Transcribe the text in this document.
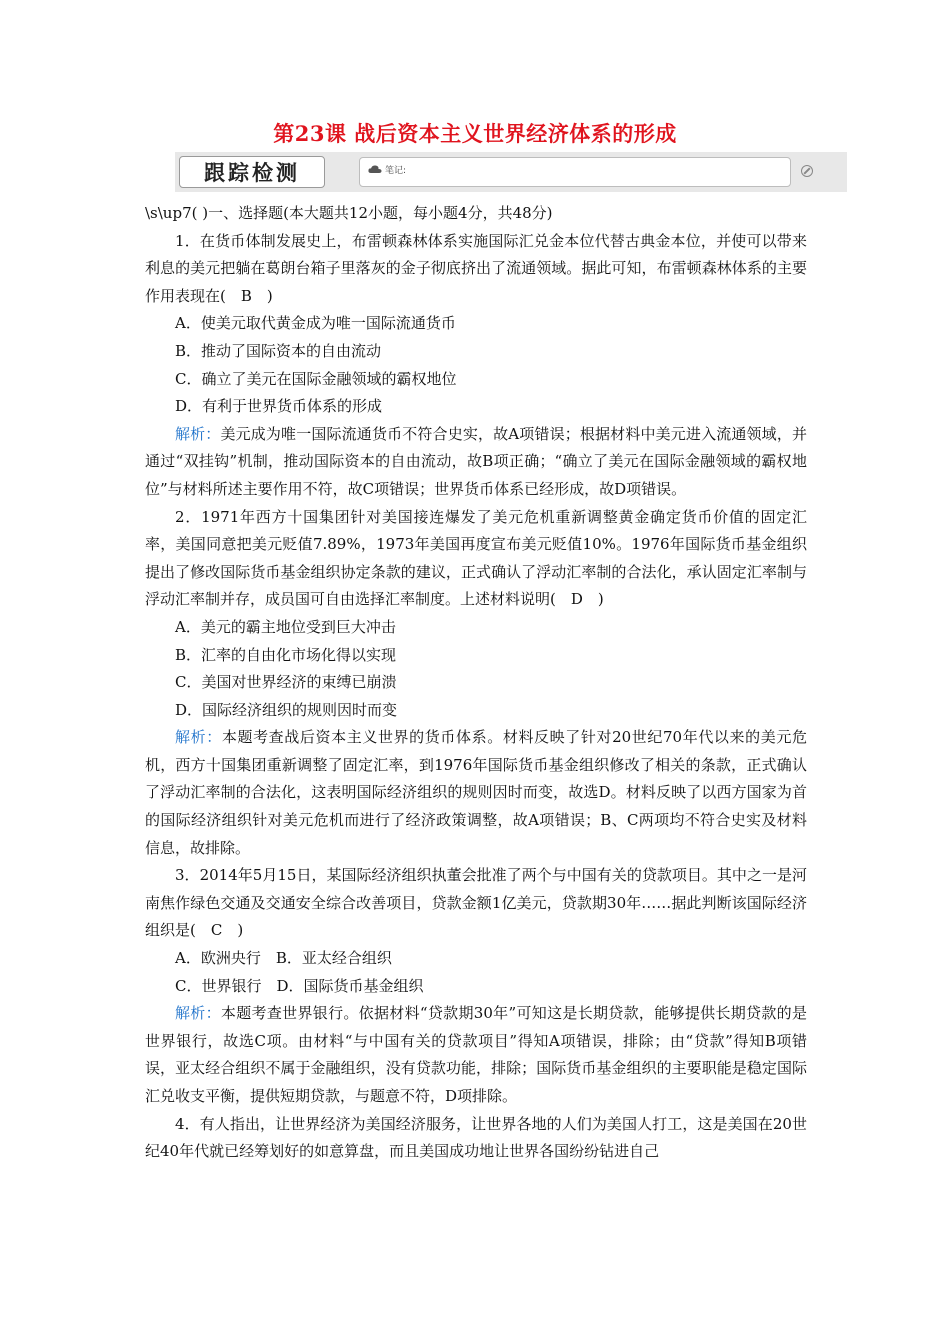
第23课 战后资本主义世界经济体系的形成
跟踪检测	笔记:

\s\up7( )一、选择题(本大题共12小题，每小题4分，共48分)

1．在货币体制发展史上，布雷顿森林体系实施国际汇兑金本位代替古典金本位，并使可以带来利息的美元把躺在葛朗台箱子里落灰的金子彻底挤出了流通领域。据此可知，布雷顿森林体系的主要作用表现在(　B　)

A．使美元取代黄金成为唯一国际流通货币

B．推动了国际资本的自由流动

C．确立了美元在国际金融领域的霸权地位

D．有利于世界货币体系的形成

解析：美元成为唯一国际流通货币不符合史实，故A项错误；根据材料中美元进入流通领域，并通过“双挂钩”机制，推动国际资本的自由流动，故B项正确；“确立了美元在国际金融领域的霸权地位”与材料所述主要作用不符，故C项错误；世界货币体系已经形成，故D项错误。

2．1971年西方十国集团针对美国接连爆发了美元危机重新调整黄金确定货币价值的固定汇率，美国同意把美元贬值7.89%，1973年美国再度宣布美元贬值10%。1976年国际货币基金组织提出了修改国际货币基金组织协定条款的建议，正式确认了浮动汇率制的合法化，承认固定汇率制与浮动汇率制并存，成员国可自由选择汇率制度。上述材料说明(　D　)

A．美元的霸主地位受到巨大冲击

B．汇率的自由化市场化得以实现

C．美国对世界经济的束缚已崩溃

D．国际经济组织的规则因时而变

解析：本题考查战后资本主义世界的货币体系。材料反映了针对20世纪70年代以来的美元危机，西方十国集团重新调整了固定汇率，到1976年国际货币基金组织修改了相关的条款，正式确认了浮动汇率制的合法化，这表明国际经济组织的规则因时而变，故选D。材料反映了以西方国家为首的国际经济组织针对美元危机而进行了经济政策调整，故A项错误；B、C两项均不符合史实及材料信息，故排除。

3．2014年5月15日，某国际经济组织执董会批准了两个与中国有关的贷款项目。其中之一是河南焦作绿色交通及交通安全综合改善项目，贷款金额1亿美元，贷款期30年……据此判断该国际经济组织是(　C　)

A．欧洲央行　B．亚太经合组织

C．世界银行　D．国际货币基金组织

解析：本题考查世界银行。依据材料“贷款期30年”可知这是长期贷款，能够提供长期贷款的是世界银行，故选C项。由材料“与中国有关的贷款项目”得知A项错误，排除；由“贷款”得知B项错误，亚太经合组织不属于金融组织，没有贷款功能，排除；国际货币基金组织的主要职能是稳定国际汇兑收支平衡，提供短期贷款，与题意不符，D项排除。

4．有人指出，让世界经济为美国经济服务，让世界各地的人们为美国人打工，这是美国在20世纪40年代就已经筹划好的如意算盘，而且美国成功地让世界各国纷纷钻进自己
